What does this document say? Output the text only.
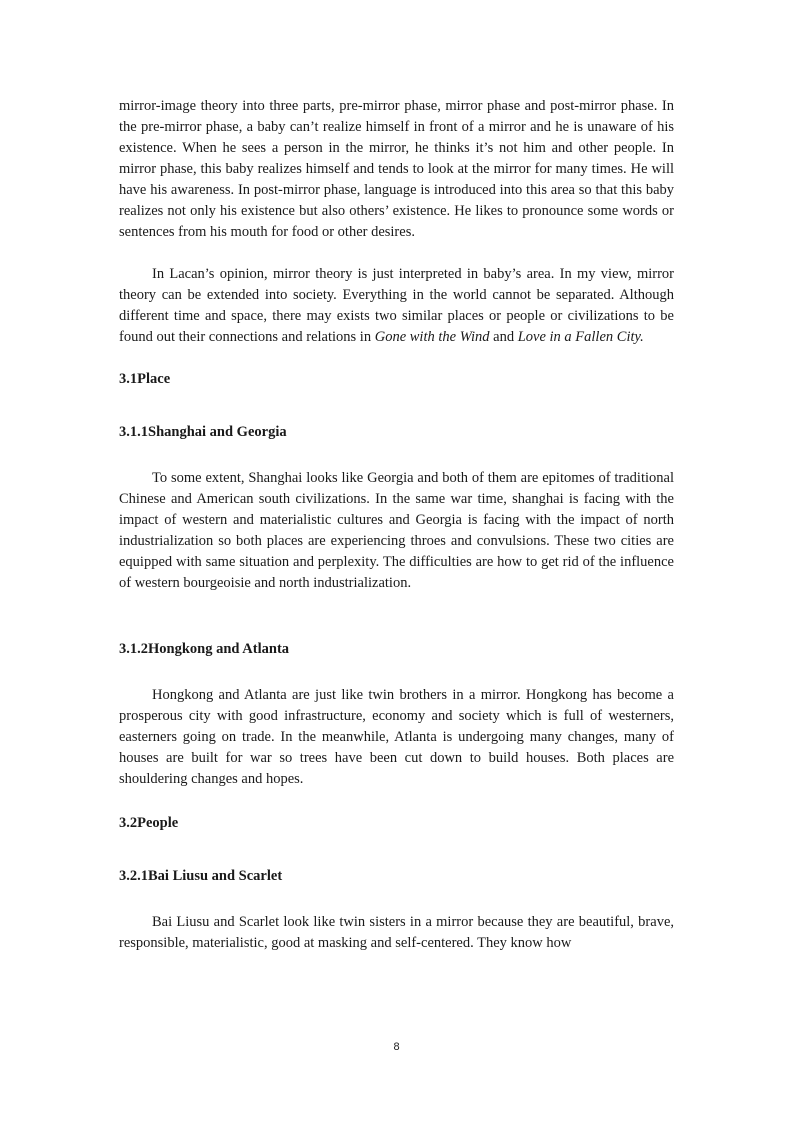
mirror-image theory into three parts, pre-mirror phase, mirror phase and post-mirror phase. In the pre-mirror phase, a baby can’t realize himself in front of a mirror and he is unaware of his existence. When he sees a person in the mirror, he thinks it’s not him and other people. In mirror phase, this baby realizes himself and tends to look at the mirror for many times. He will have his awareness. In post-mirror phase, language is introduced into this area so that this baby realizes not only his existence but also others’ existence. He likes to pronounce some words or sentences from his mouth for food or other desires.

In Lacan’s opinion, mirror theory is just interpreted in baby’s area. In my view, mirror theory can be extended into society. Everything in the world cannot be separated. Although different time and space, there may exists two similar places or people or civilizations to be found out their connections and relations in Gone with the Wind and Love in a Fallen City.

3.1Place
3.1.1Shanghai and Georgia

To some extent, Shanghai looks like Georgia and both of them are epitomes of traditional Chinese and American south civilizations. In the same war time, shanghai is facing with the impact of western and materialistic cultures and Georgia is facing with the impact of north industrialization so both places are experiencing throes and convulsions. These two cities are equipped with same situation and perplexity. The difficulties are how to get rid of the influence of western bourgeoisie and north industrialization.

3.1.2Hongkong and Atlanta

Hongkong and Atlanta are just like twin brothers in a mirror. Hongkong has become a prosperous city with good infrastructure, economy and society which is full of westerners, easterners going on trade. In the meanwhile, Atlanta is undergoing many changes, many of houses are built for war so trees have been cut down to build houses. Both places are shouldering changes and hopes.

3.2People
3.2.1Bai Liusu and Scarlet

Bai Liusu and Scarlet look like twin sisters in a mirror because they are beautiful, brave, responsible, materialistic, good at masking and self-centered. They know how

8
